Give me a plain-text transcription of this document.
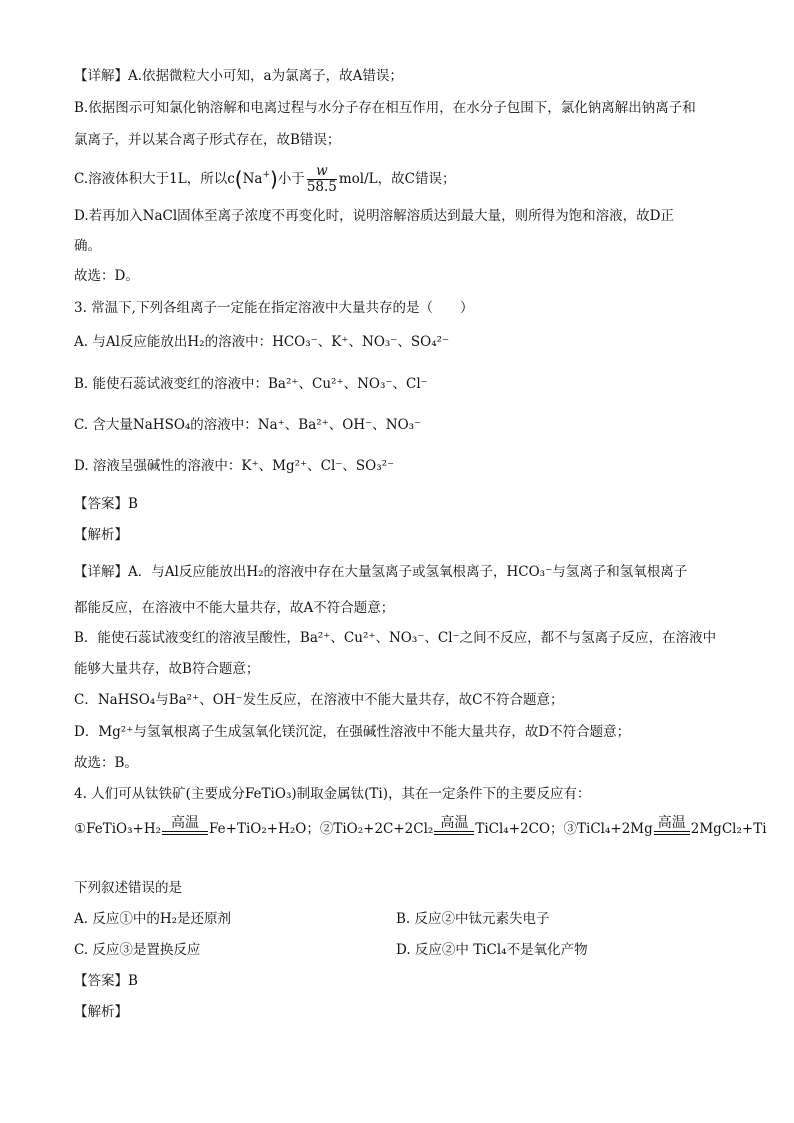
【详解】A.依据微粒大小可知，a为氯离子，故A错误；
B.依据图示可知氯化钠溶解和电离过程与水分子存在相互作用，在水分子包围下，氯化钠离解出钠离子和
氯离子，并以某合离子形式存在，故B错误；
C.溶液体积大于1L，所以c(Na+)小于 $\frac{w}{58.5} mol/L$，故C错误；
D.若再加入NaCl固体至离子浓度不再变化时，说明溶解溶质达到最大量，则所得为饱和溶液，故D正
确。
故选：D。
3. 常温下,下列各组离子一定能在指定溶液中大量共存的是（　　）
A. 与Al反应能放出H₂的溶液中：HCO₃⁻、K⁺、NO₃⁻、SO₄²⁻
B. 能使石蕊试液变红的溶液中：Ba²⁺、Cu²⁺、NO₃⁻、Cl⁻
C. 含大量NaHSO₄的溶液中：Na⁺、Ba²⁺、OH⁻、NO₃⁻
D. 溶液呈强碱性的溶液中：K⁺、Mg²⁺、Cl⁻、SO₃²⁻
【答案】B
【解析】
【详解】A．与Al反应能放出H₂的溶液中存在大量氢离子或氢氧根离子，HCO₃⁻与氢离子和氢氧根离子
都能反应，在溶液中不能大量共存，故A不符合题意；
B．能使石蕊试液变红的溶液呈酸性，Ba²⁺、Cu²⁺、NO₃⁻、Cl⁻之间不反应，都不与氢离子反应，在溶液中
能够大量共存，故B符合题意；
C．NaHSO₄与Ba²⁺、OH⁻发生反应，在溶液中不能大量共存，故C不符合题意；
D．Mg²⁺与氢氧根离子生成氢氧化镁沉淀，在强碱性溶液中不能大量共存，故D不符合题意；
故选：B。
4. 人们可从钛铁矿(主要成分FeTiO₃)制取金属钛(Ti)，其在一定条件下的主要反应有：
①FeTiO₃+H₂ 高温 Fe+TiO₂+H₂O；②TiO₂+2C+2Cl₂ 高温 TiCl₄+2CO；③TiCl₄+2Mg 高温 2MgCl₂+Ti
下列叙述错误的是
A. 反应①中的H₂是还原剂	B. 反应②中钛元素失电子
C. 反应③是置换反应	D. 反应②中 TiCl₄不是氧化产物
【答案】B
【解析】
